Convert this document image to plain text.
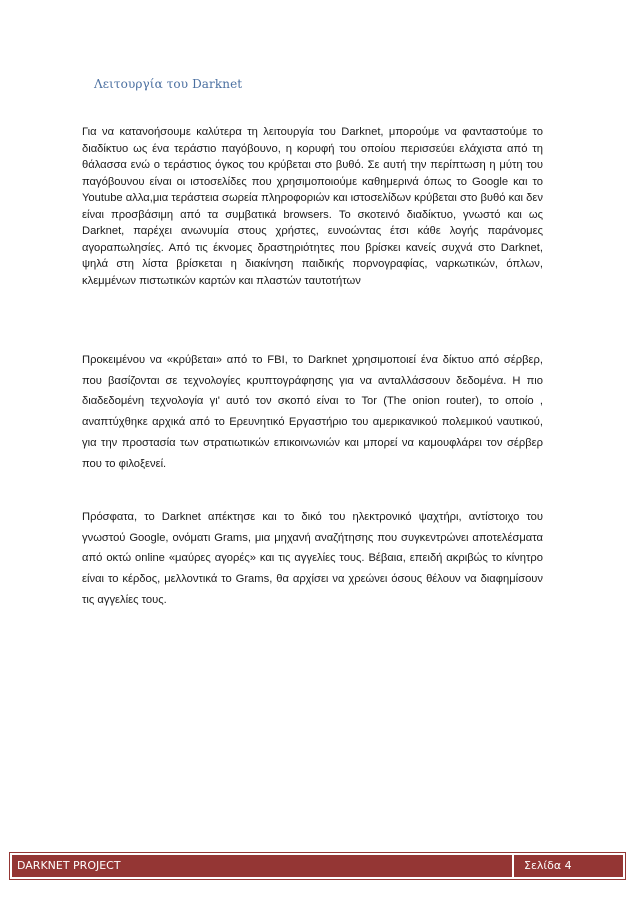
Λειτουργία του Darknet

Για να κατανοήσουμε καλύτερα τη λειτουργία του Darknet, μπορούμε να φανταστούμε το διαδίκτυο ως ένα τεράστιο παγόβουνο, η κορυφή του οποίου περισσεύει ελάχιστα από τη θάλασσα ενώ ο τεράστιος όγκος του κρύβεται στο βυθό. Σε αυτή την περίπτωση η μύτη του παγόβουνου είναι οι ιστοσελίδες που χρησιμοποιούμε καθημερινά όπως το Google και το Youtube αλλα,μια τεράστεια σωρεία πληροφοριών και ιστοσελίδων κρύβεται στο βυθό και δεν είναι προσβάσιμη από τα συμβατικά browsers. Το σκοτεινό διαδίκτυο, γνωστό και ως Darknet, παρέχει ανωνυμία στους χρήστες, ευνοώντας έτσι κάθε λογής παράνομες αγοραπωλησίες. Από τις έκνομες δραστηριότητες που βρίσκει κανείς συχνά στο Darknet, ψηλά στη λίστα βρίσκεται η διακίνηση παιδικής πορνογραφίας, ναρκωτικών, όπλων, κλεμμένων πιστωτικών καρτών και πλαστών ταυτοτήτων

Προκειμένου να «κρύβεται» από το FBI, το Darknet χρησιμοποιεί ένα δίκτυο από σέρβερ, που βασίζονται σε τεχνολογίες κρυπτογράφησης για να ανταλλάσσουν δεδομένα. Η πιο διαδεδομένη τεχνολογία γι' αυτό τον σκοπό είναι το Tor (The onion router), το οποίο , αναπτύχθηκε αρχικά από το Ερευνητικό Εργαστήριο του αμερικανικού πολεμικού ναυτικού, για την προστασία των στρατιωτικών επικοινωνιών και μπορεί να καμουφλάρει τον σέρβερ που το φιλοξενεί.

Πρόσφατα, το Darknet απέκτησε και το δικό του ηλεκτρονικό ψαχτήρι, αντίστοιχο του γνωστού Google, ονόματι Grams, μια μηχανή αναζήτησης που συγκεντρώνει αποτελέσματα από οκτώ online «μαύρες αγορές» και τις αγγελίες τους. Βέβαια, επειδή ακριβώς το κίνητρο είναι το κέρδος, μελλοντικά το Grams, θα αρχίσει να χρεώνει όσους θέλουν να διαφημίσουν τις αγγελίες τους.

DARKNET PROJECT	Σελίδα 4
